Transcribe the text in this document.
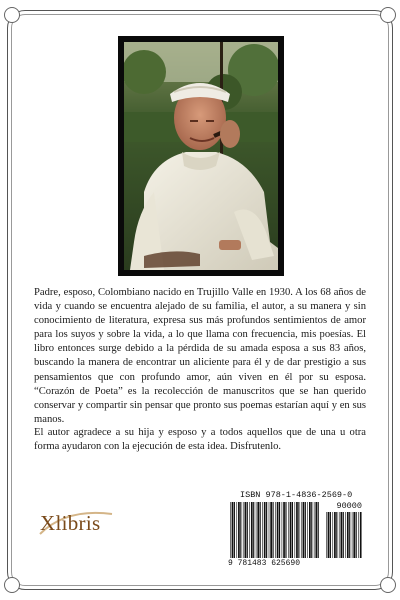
Padre, esposo, Colombiano nacido en Trujillo Valle en 1930. A los 68 años de vida y cuando se encuentra alejado de su familia, el autor, a su manera y sin conocimiento de literatura, expresa sus más profundos sentimientos de amor para los suyos y sobre la vida, a lo que llama con frecuencia, mis poesías. El libro entonces surge debido a la pérdida de su amada esposa a sus 83 años, buscando la manera de encontrar un aliciente para él y de dar prestigio a sus pensamientos que con profundo amor, aún viven en él por su esposa. “Corazón de Poeta” es la recolección de manuscritos que se han querido conservar y compartir sin pensar que pronto sus poemas estarían aquí y en sus manos.
El autor agradece a su hija y esposo y a todos aquellos que de una u otra forma ayudaron con la ejecución de esta idea. Disfrutenlo.
Xlibris
ISBN 978-1-4836-2569-0
90000
9 781483 625690
